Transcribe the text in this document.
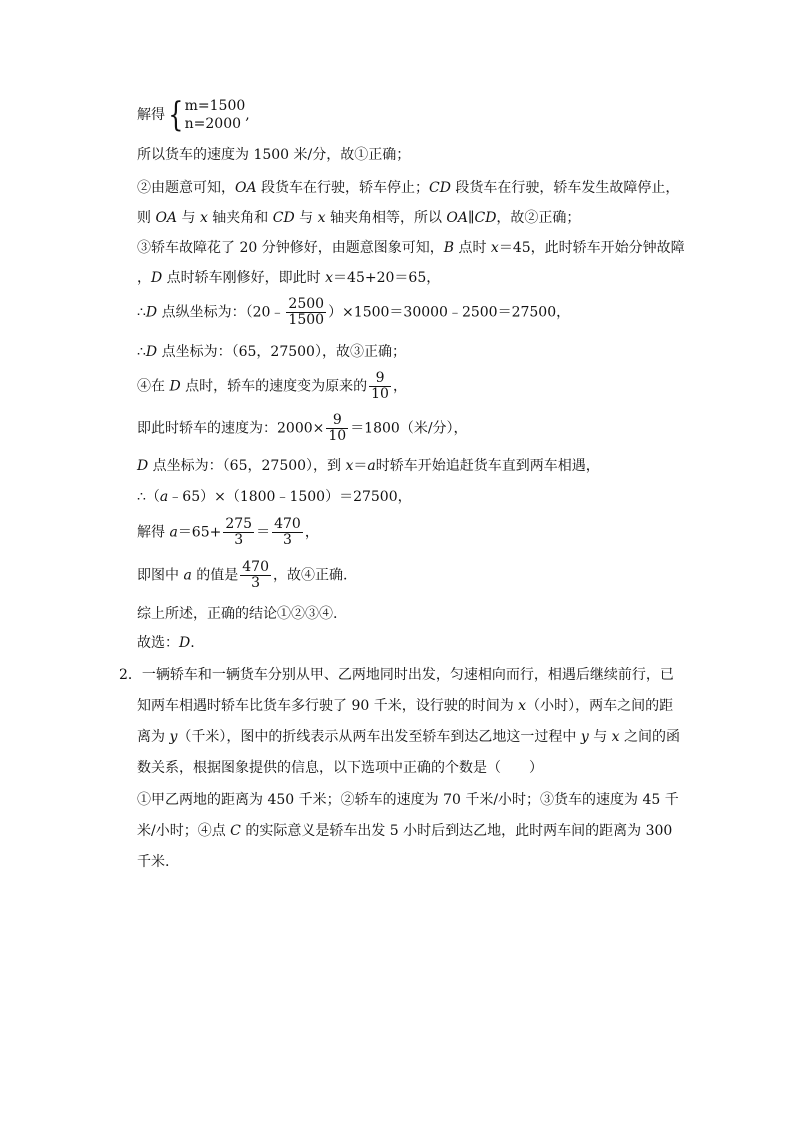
解得{ m=1500
n=2000
,
所以货车的速度为 1500 米/分，故①正确；
②由题意可知，OA 段货车在行驶，轿车停止；CD 段货车在行驶，轿车发生故障停止，
则 OA 与 x 轴夹角和 CD 与 x 轴夹角相等，所以 OA∥CD，故②正确；
③轿车故障花了 20 分钟修好，由题意图象可知，B 点时 x＝45，此时轿车开始分钟故障
，D 点时轿车刚修好，即此时 x＝45+20＝65，
∴D 点纵坐标为：（20﹣ $\frac{2500}{1500}$ ）×1500＝30000﹣2500＝27500，
∴D 点坐标为：（65，27500），故③正确；
④在 D 点时，轿车的速度变为原来的 $\frac{9}{10}$ ，
即此时轿车的速度为：$2000\times \frac{9}{10} =1800$（米/分），
D 点坐标为：（65，27500），到 x＝a时轿车开始追赶货车直到两车相遇，
∴（a﹣65）×（1800﹣1500）＝27500，
解得 $a=65+ \frac{275}{3} = \frac{470}{3}$ ，
即图中 a 的值是 $\frac{470}{3}$ ，故④正确.
综上所述，正确的结论①②③④.
故选：D.
2．一辆轿车和一辆货车分别从甲、乙两地同时出发，匀速相向而行，相遇后继续前行，已
知两车相遇时轿车比货车多行驶了 90 千米，设行驶的时间为 x（小时），两车之间的距
离为 y（千米），图中的折线表示从两车出发至轿车到达乙地这一过程中 y 与 x 之间的函
数关系，根据图象提供的信息，以下选项中正确的个数是（　　）
①甲乙两地的距离为 450 千米；②轿车的速度为 70 千米/小时；③货车的速度为 45 千
米/小时；④点 C 的实际意义是轿车出发 5 小时后到达乙地，此时两车间的距离为 300
千米.
